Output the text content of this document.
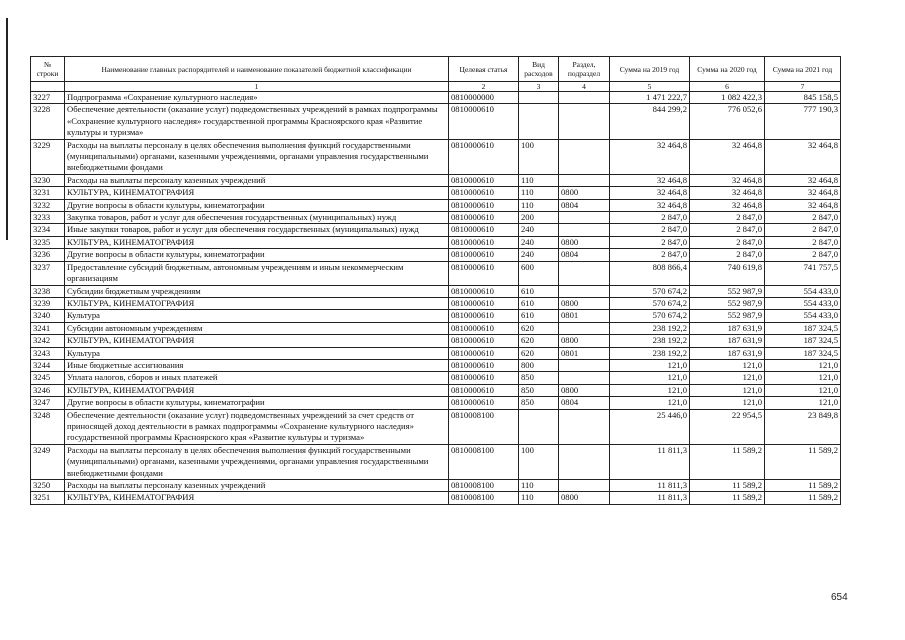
№ строки	Наименование главных распорядителей и наименование показателей бюджетной классификации	Целевая статья	Вид расходов	Раздел, подраздел	Сумма на 2019 год	Сумма на 2020 год	Сумма на 2021 год
	1	2	3	4	5	6	7
3227	Подпрограмма «Сохранение культурного наследия»	0810000000			1 471 222,7	1 082 422,3	845 158,5
3228	Обеспечение деятельности (оказание услуг) подведомственных учреждений в рамках подпрограммы «Сохранение культурного наследия» государственной программы Красноярского края «Развитие культуры и туризма»	0810000610			844 299,2	776 052,6	777 190,3
3229	Расходы на выплаты персоналу в целях обеспечения выполнения функций государственными (муниципальными) органами, казенными учреждениями, органами управления государственными внебюджетными фондами	0810000610	100		32 464,8	32 464,8	32 464,8
3230	Расходы на выплаты персоналу казенных учреждений	0810000610	110		32 464,8	32 464,8	32 464,8
3231	КУЛЬТУРА, КИНЕМАТОГРАФИЯ	0810000610	110	0800	32 464,8	32 464,8	32 464,8
3232	Другие вопросы в области культуры, кинематографии	0810000610	110	0804	32 464,8	32 464,8	32 464,8
3233	Закупка товаров, работ и услуг для обеспечения государственных (муниципальных) нужд	0810000610	200		2 847,0	2 847,0	2 847,0
3234	Иные закупки товаров, работ и услуг для обеспечения государственных (муниципальных) нужд	0810000610	240		2 847,0	2 847,0	2 847,0
3235	КУЛЬТУРА, КИНЕМАТОГРАФИЯ	0810000610	240	0800	2 847,0	2 847,0	2 847,0
3236	Другие вопросы в области культуры, кинематографии	0810000610	240	0804	2 847,0	2 847,0	2 847,0
3237	Предоставление субсидий бюджетным, автономным учреждениям и иным некоммерческим организациям	0810000610	600		808 866,4	740 619,8	741 757,5
3238	Субсидии бюджетным учреждениям	0810000610	610		570 674,2	552 987,9	554 433,0
3239	КУЛЬТУРА, КИНЕМАТОГРАФИЯ	0810000610	610	0800	570 674,2	552 987,9	554 433,0
3240	Культура	0810000610	610	0801	570 674,2	552 987,9	554 433,0
3241	Субсидии автономным учреждениям	0810000610	620		238 192,2	187 631,9	187 324,5
3242	КУЛЬТУРА, КИНЕМАТОГРАФИЯ	0810000610	620	0800	238 192,2	187 631,9	187 324,5
3243	Культура	0810000610	620	0801	238 192,2	187 631,9	187 324,5
3244	Иные бюджетные ассигнования	0810000610	800		121,0	121,0	121,0
3245	Уплата налогов, сборов и иных платежей	0810000610	850		121,0	121,0	121,0
3246	КУЛЬТУРА, КИНЕМАТОГРАФИЯ	0810000610	850	0800	121,0	121,0	121,0
3247	Другие вопросы в области культуры, кинематографии	0810000610	850	0804	121,0	121,0	121,0
3248	Обеспечение деятельности (оказание услуг) подведомственных учреждений за счет средств от приносящей доход деятельности в рамках подпрограммы «Сохранение культурного наследия» государственной программы Красноярского края «Развитие культуры и туризма»	0810008100			25 446,0	22 954,5	23 849,8
3249	Расходы на выплаты персоналу в целях обеспечения выполнения функций государственными (муниципальными) органами, казенными учреждениями, органами управления государственными внебюджетными фондами	0810008100	100		11 811,3	11 589,2	11 589,2
3250	Расходы на выплаты персоналу казенных учреждений	0810008100	110		11 811,3	11 589,2	11 589,2
3251	КУЛЬТУРА, КИНЕМАТОГРАФИЯ	0810008100	110	0800	11 811,3	11 589,2	11 589,2
654
